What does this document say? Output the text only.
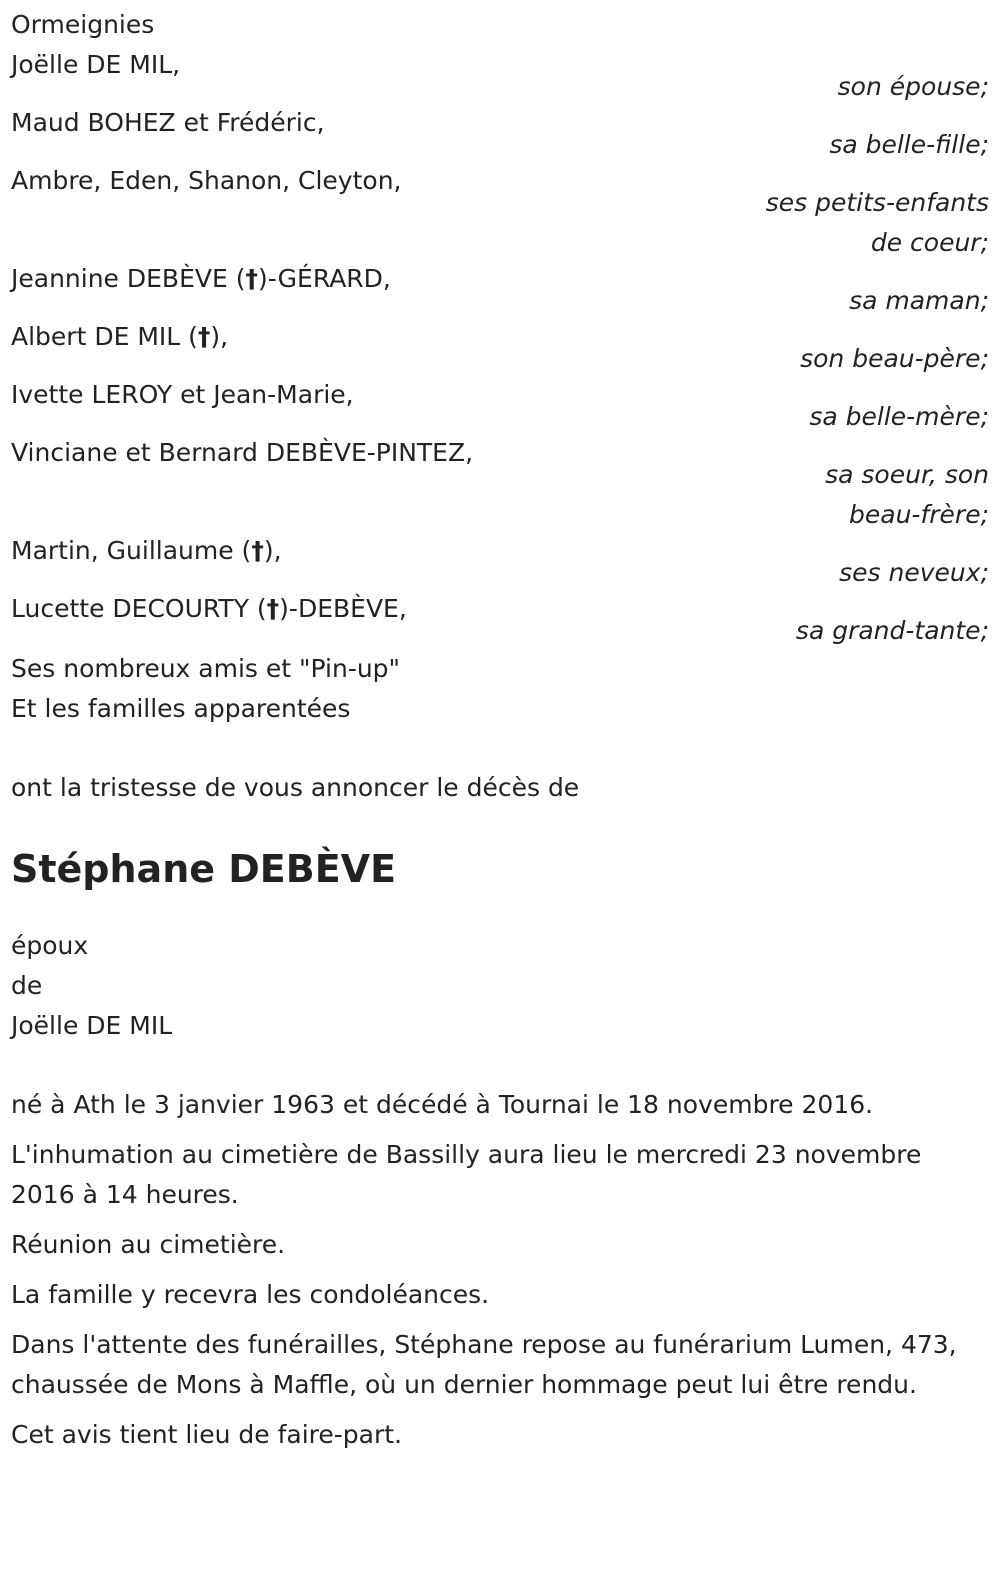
Ormeignies
Joëlle DE MIL,
son épouse;
Maud BOHEZ et Frédéric,
sa belle-fille;
Ambre, Eden, Shanon, Cleyton,
ses petits-enfants
de coeur;
Jeannine DEBÈVE (†)-GÉRARD,
sa maman;
Albert DE MIL (†),
son beau-père;
Ivette LEROY et Jean-Marie,
sa belle-mère;
Vinciane et Bernard DEBÈVE-PINTEZ,
sa soeur, son
beau-frère;
Martin, Guillaume (†),
ses neveux;
Lucette DECOURTY (†)-DEBÈVE,
sa grand-tante;
Ses nombreux amis et "Pin-up"
Et les familles apparentées
ont la tristesse de vous annoncer le décès de
Stéphane DEBÈVE
époux
de
Joëlle DE MIL
né à Ath le 3 janvier 1963 et décédé à Tournai le 18 novembre 2016.
L'inhumation au cimetière de Bassilly aura lieu le mercredi 23 novembre 2016 à 14 heures.
Réunion au cimetière.
La famille y recevra les condoléances.
Dans l'attente des funérailles, Stéphane repose au funérarium Lumen, 473, chaussée de Mons à Maffle, où un dernier hommage peut lui être rendu.
Cet avis tient lieu de faire-part.
